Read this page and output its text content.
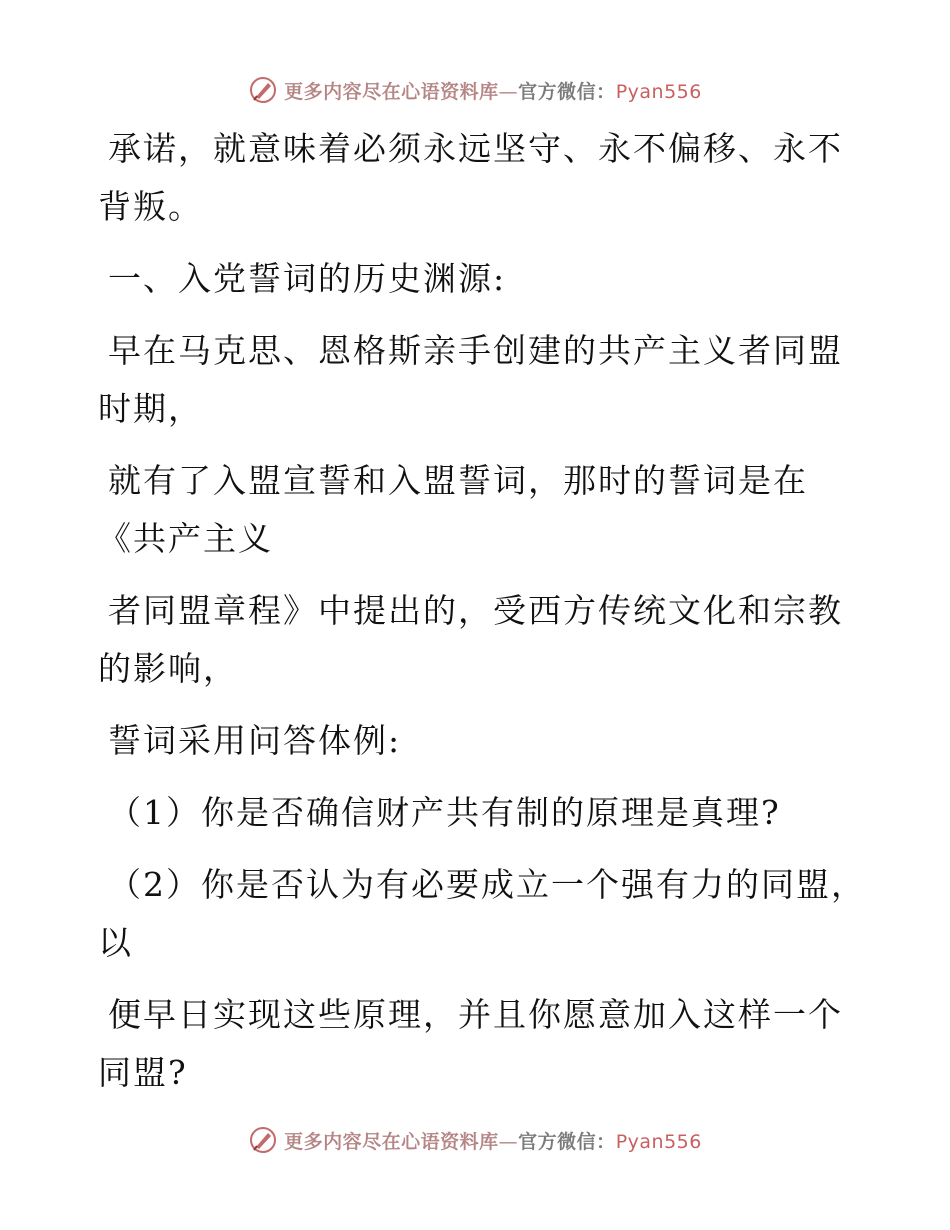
更多内容尽在心语资料库—官方微信：Pyan556
承诺，就意味着必须永远坚守、永不偏移、永不
背叛。
一、入党誓词的历史渊源:
早在马克思、恩格斯亲手创建的共产主义者同盟
时期，
就有了入盟宣誓和入盟誓词，那时的誓词是在
《共产主义
者同盟章程》中提出的，受西方传统文化和宗教
的影响，
誓词采用问答体例:
（1）你是否确信财产共有制的原理是真理?
（2）你是否认为有必要成立一个强有力的同盟，
以
便早日实现这些原理，并且你愿意加入这样一个
同盟?
更多内容尽在心语资料库—官方微信：Pyan556
